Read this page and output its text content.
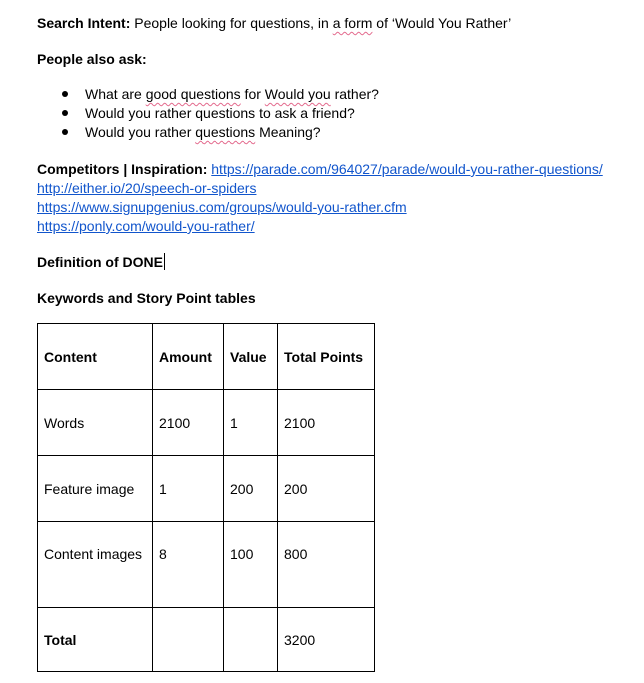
Search Intent: People looking for questions, in a form of ‘Would You Rather’
People also ask:
What are good questions for Would you rather?
Would you rather questions to ask a friend?
Would you rather questions Meaning?
Competitors | Inspiration: https://parade.com/964027/parade/would-you-rather-questions/
http://either.io/20/speech-or-spiders
https://www.signupgenius.com/groups/would-you-rather.cfm
https://ponly.com/would-you-rather/
Definition of DONE
Keywords and Story Point tables
Content	Amount	Value	Total Points
Words	2100	1	2100
Feature image	1	200	200
Content images	8	100	800
Total			3200
